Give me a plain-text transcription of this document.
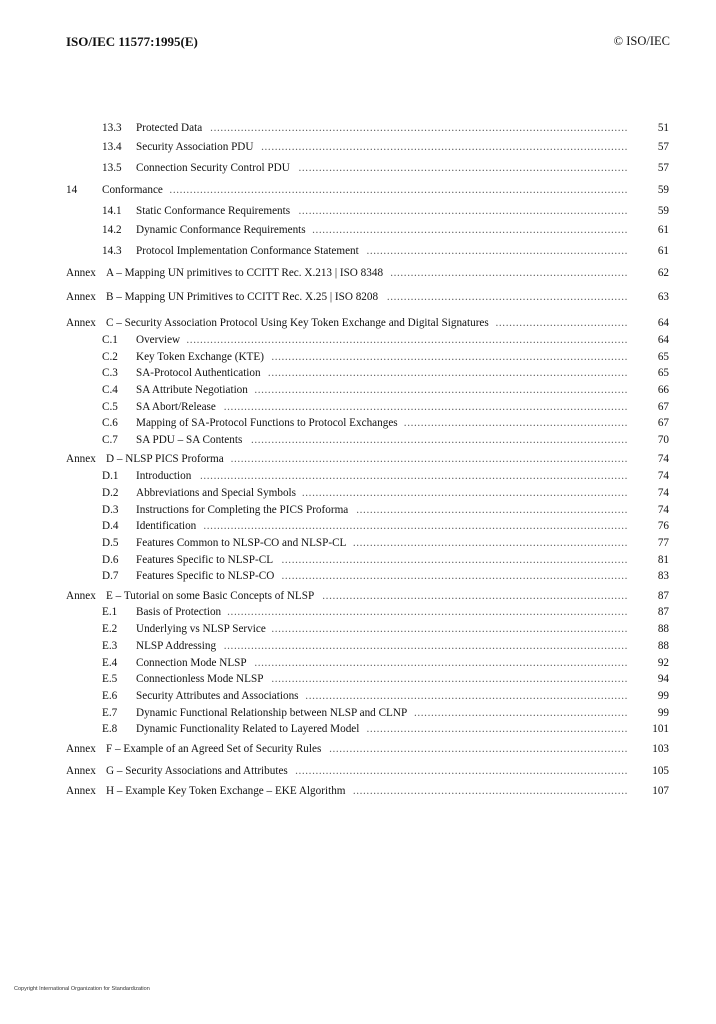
ISO/IEC 11577:1995(E)	© ISO/IEC
13.3	Protected Data ...........................................................................................................................	51
13.4	Security Association PDU ............................................................................................................	57
13.5	Connection Security Control PDU .................................................................................................	57
14	Conformance .......................................................................................................................................	59
14.1	Static Conformance Requirements .................................................................................................	59
14.2	Dynamic Conformance Requirements .............................................................................................	61
14.3	Protocol Implementation Conformance Statement .............................................................................	61
Annex A – Mapping UN primitives to CCITT Rec. X.213 | ISO 8348 ......................................................................	62
Annex B – Mapping UN Primitives to CCITT Rec. X.25 | ISO 8208 .......................................................................	63
Annex C – Security Association Protocol Using Key Token Exchange and Digital Signatures .......................................	64
C.1	Overview ..................................................................................................................................	64
C.2	Key Token Exchange (KTE) .........................................................................................................	65
C.3	SA-Protocol Authentication ..........................................................................................................	65
C.4	SA Attribute Negotiation ..............................................................................................................	66
C.5	SA Abort/Release .......................................................................................................................	67
C.6	Mapping of SA-Protocol Functions to Protocol Exchanges ..................................................................	67
C.7	SA PDU – SA Contents ...............................................................................................................	70
Annex D – NLSP PICS Proforma .....................................................................................................................	74
D.1	Introduction ..............................................................................................................................	74
D.2	Abbreviations and Special Symbols ................................................................................................	74
D.3	Instructions for Completing the PICS Proforma ................................................................................	74
D.4	Identification .............................................................................................................................	76
D.5	Features Common to NLSP-CO and NLSP-CL .................................................................................	77
D.6	Features Specific to NLSP-CL ......................................................................................................	81
D.7	Features Specific to NLSP-CO ......................................................................................................	83
Annex E – Tutorial on some Basic Concepts of NLSP ..........................................................................................	87
E.1	Basis of Protection ......................................................................................................................	87
E.2	Underlying vs NLSP Service .........................................................................................................	88
E.3	NLSP Addressing .......................................................................................................................	88
E.4	Connection Mode NLSP ..............................................................................................................	92
E.5	Connectionless Mode NLSP .........................................................................................................	94
E.6	Security Attributes and Associations ...............................................................................................	99
E.7	Dynamic Functional Relationship between NLSP and CLNP ...............................................................	99
E.8	Dynamic Functionality Related to Layered Model .............................................................................	101
Annex F – Example of an Agreed Set of Security Rules ........................................................................................	103
Annex G – Security Associations and Attributes ..................................................................................................	105
Annex H – Example Key Token Exchange – EKE Algorithm .................................................................................	107
Copyright International Organization for Standardization
